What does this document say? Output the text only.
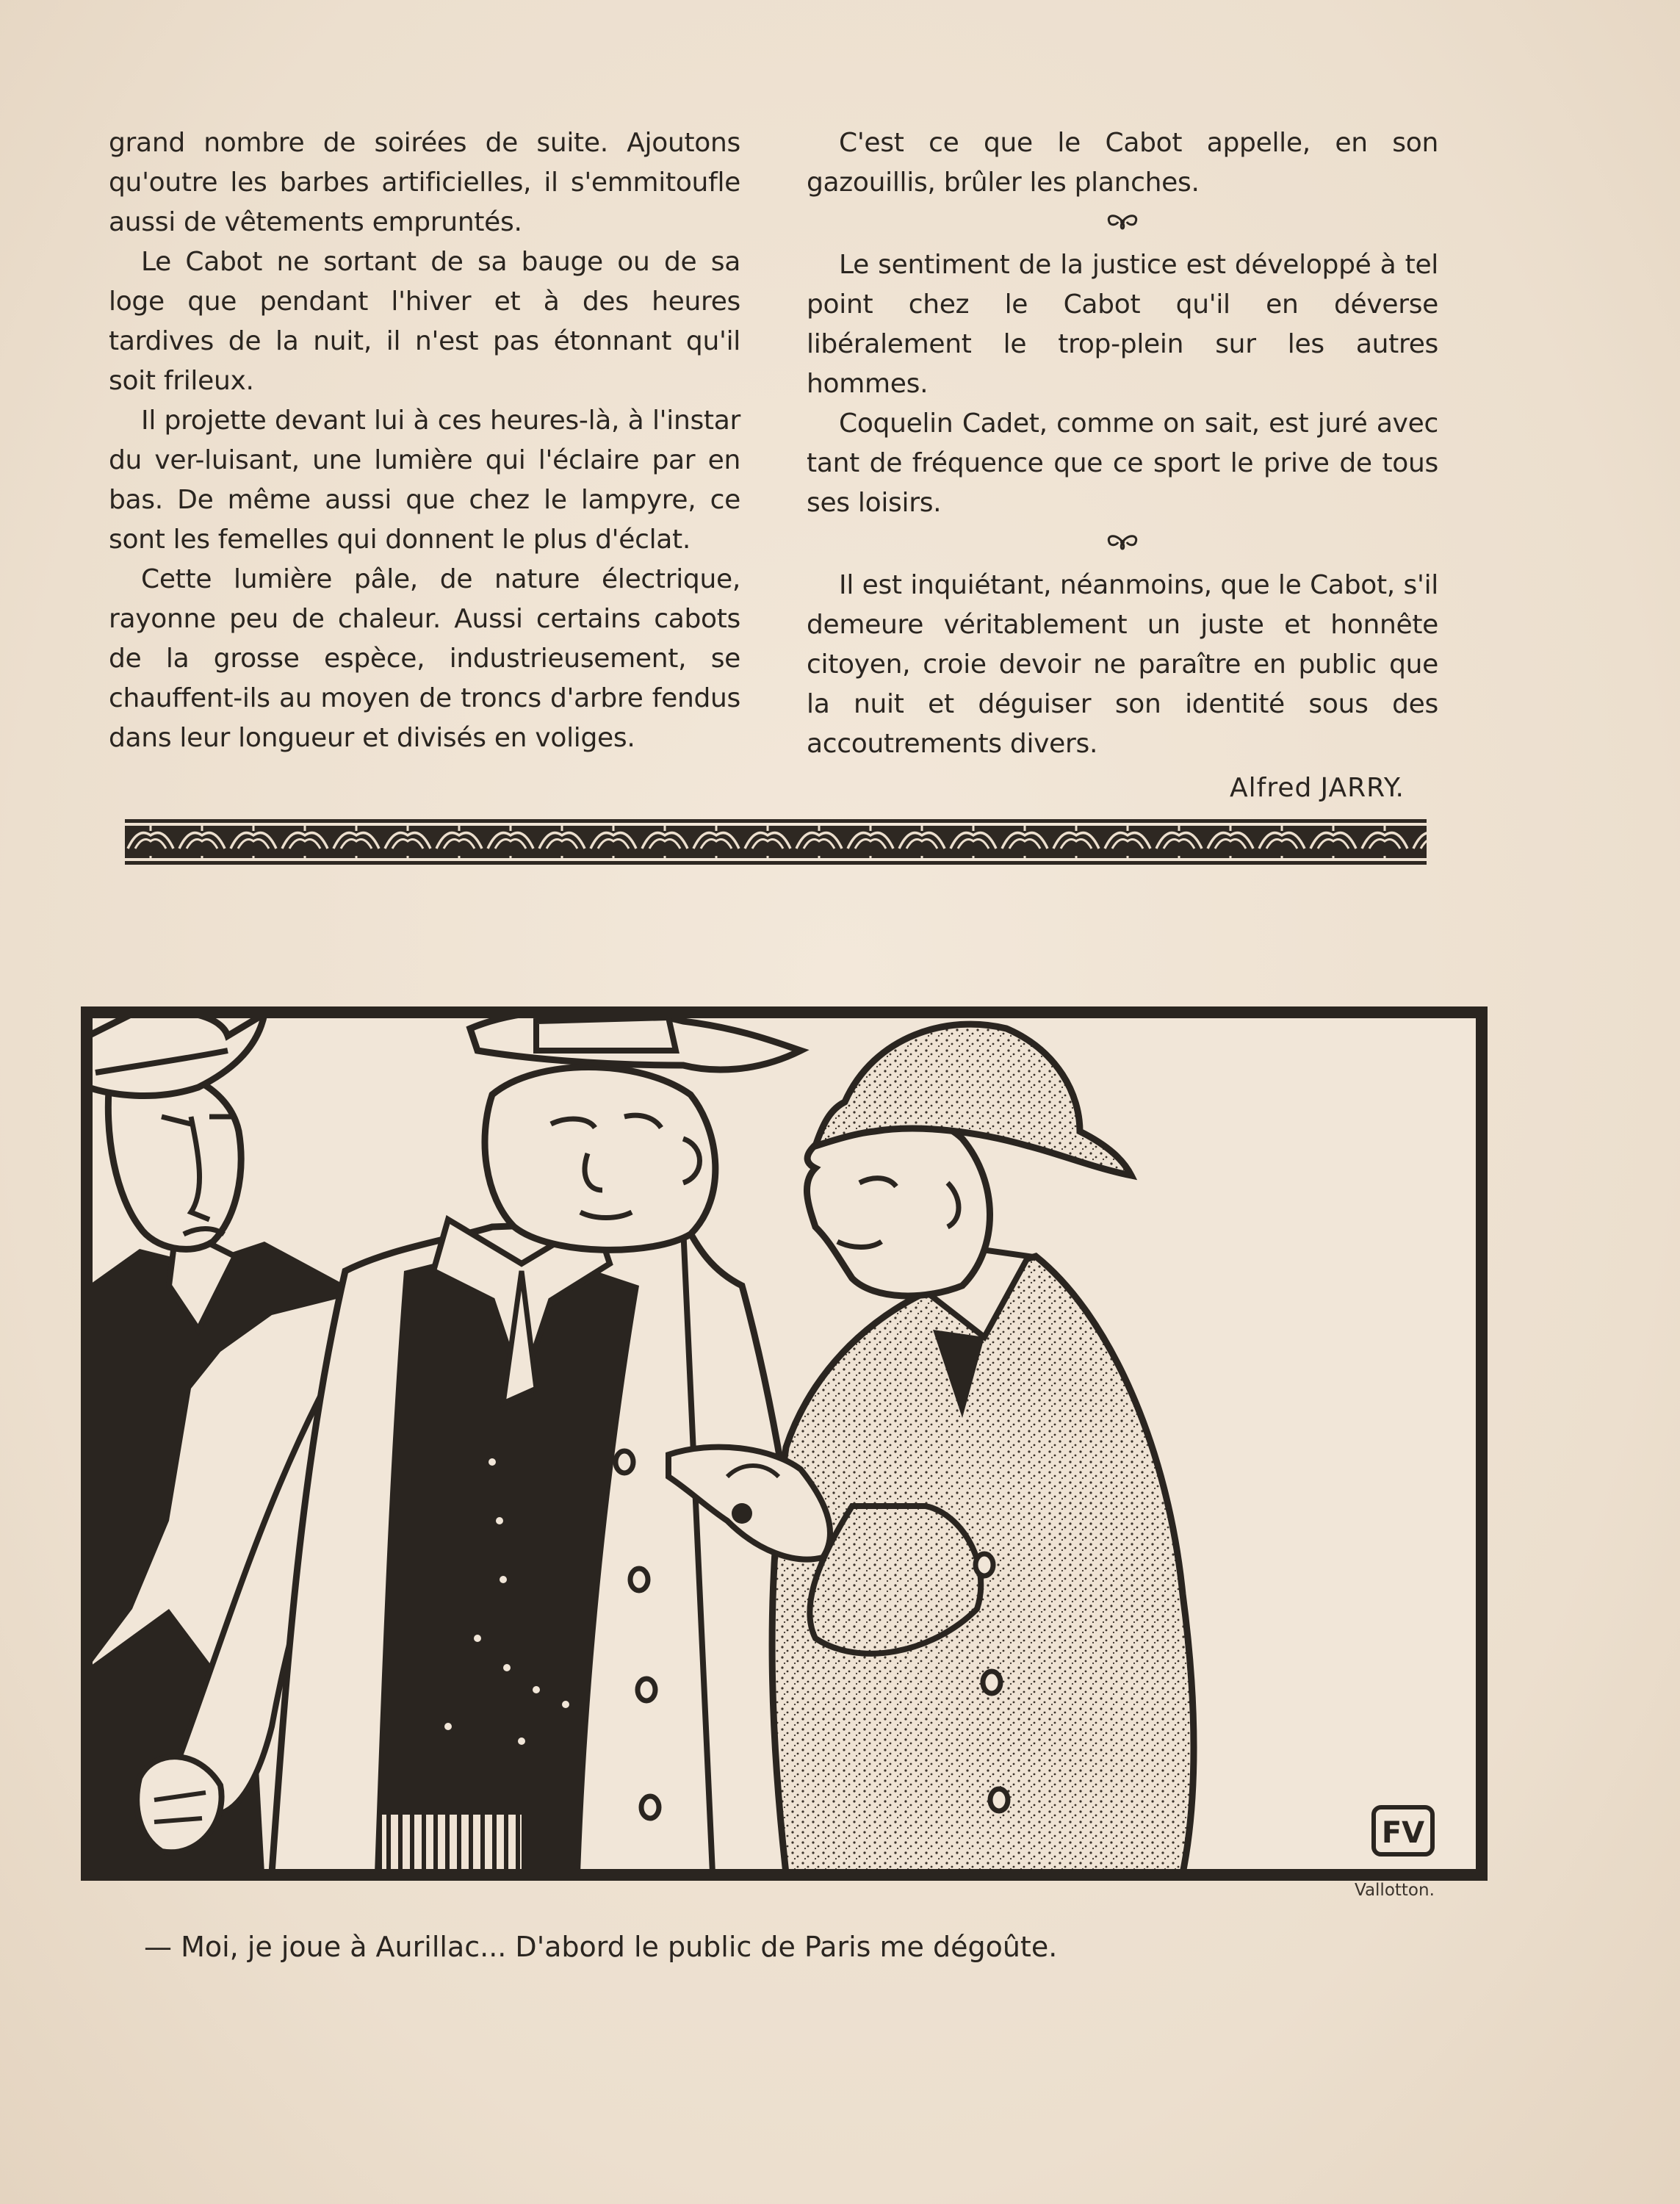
grand nombre de soirées de suite. Ajoutons qu'outre les barbes artificielles, il s'emmitoufle aussi de vêtements empruntés.

Le Cabot ne sortant de sa bauge ou de sa loge que pendant l'hiver et à des heures tardives de la nuit, il n'est pas étonnant qu'il soit frileux.

Il projette devant lui à ces heures-là, à l'instar du ver-luisant, une lumière qui l'éclaire par en bas. De même aussi que chez le lampyre, ce sont les femelles qui donnent le plus d'éclat.

Cette lumière pâle, de nature électrique, rayonne peu de chaleur. Aussi certains cabots de la grosse espèce, industrieusement, se chauffent-ils au moyen de troncs d'arbre fendus dans leur longueur et divisés en voliges.

C'est ce que le Cabot appelle, en son gazouillis, brûler les planches.

Le sentiment de la justice est développé à tel point chez le Cabot qu'il en déverse libéralement le trop-plein sur les autres hommes.

Coquelin Cadet, comme on sait, est juré avec tant de fréquence que ce sport le prive de tous ses loisirs.

Il est inquiétant, néanmoins, que le Cabot, s'il demeure véritablement un juste et honnête citoyen, croie devoir ne paraître en public que la nuit et déguiser son identité sous des accoutrements divers.

Alfred JARRY.
FV
Vallotton.
— Moi, je joue à Aurillac... D'abord le public de Paris me dégoûte.
